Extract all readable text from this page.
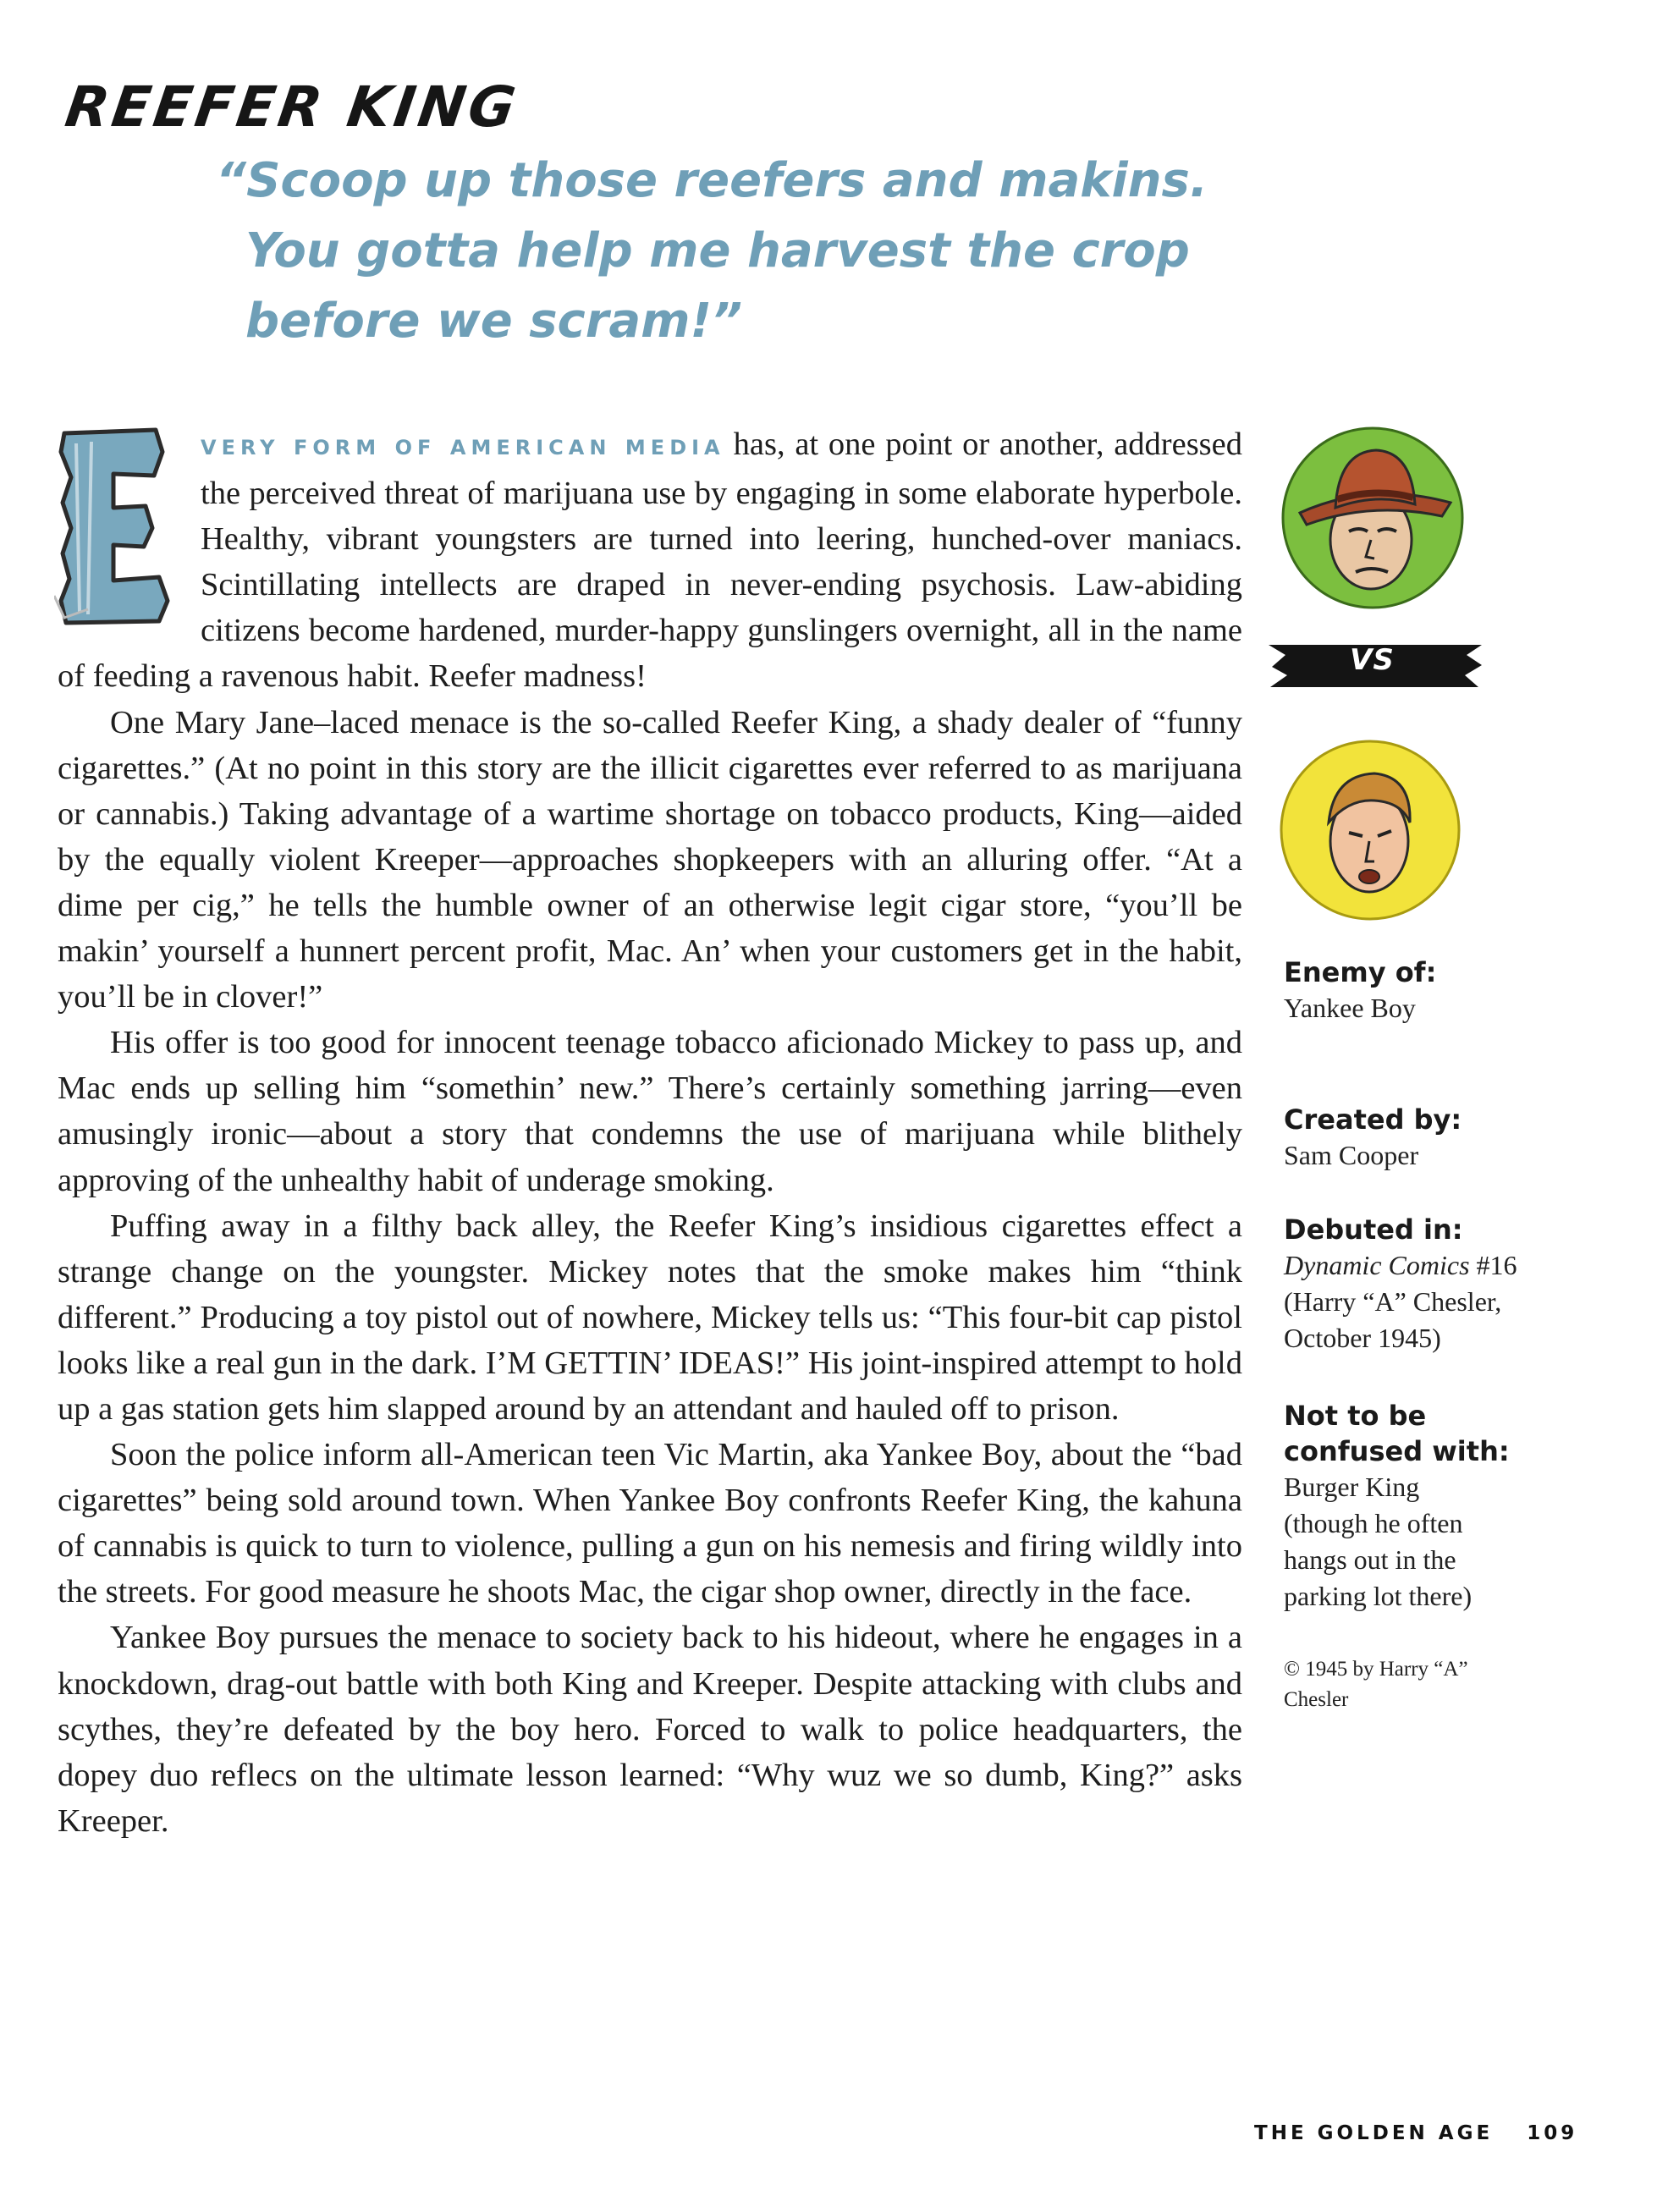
REEFER KING
“Scoop up those reefers and makins.
You gotta help me harvest the crop
before we scram!”

VERY FORM OF AMERICAN MEDIA has, at one point or another, addressed the perceived threat of marijuana use by engaging in some elaborate hyperbole. Healthy, vibrant youngsters are turned into leering, hunched-over maniacs. Scintillating intellects are draped in never-ending psychosis. Law-abiding citizens become hardened, murder-happy gunslingers overnight, all in the name of feeding a ravenous habit. Reefer madness!

One Mary Jane–laced menace is the so-called Reefer King, a shady dealer of “funny cigarettes.” (At no point in this story are the illicit cigarettes ever referred to as marijuana or cannabis.) Taking advantage of a wartime shortage on tobacco products, King—aided by the equally violent Kreeper—approaches shopkeepers with an alluring offer. “At a dime per cig,” he tells the humble owner of an otherwise legit cigar store, “you’ll be makin’ yourself a hunnert percent profit, Mac. An’ when your customers get in the habit, you’ll be in clover!”

His offer is too good for innocent teenage tobacco aficionado Mickey to pass up, and Mac ends up selling him “somethin’ new.” There’s certainly something jarring—even amusingly ironic—about a story that condemns the use of marijuana while blithely approving of the unhealthy habit of underage smoking.

Puffing away in a filthy back alley, the Reefer King’s insidious cigarettes effect a strange change on the youngster. Mickey notes that the smoke makes him “think different.” Producing a toy pistol out of nowhere, Mickey tells us: “This four-bit cap pistol looks like a real gun in the dark. I’M GETTIN’ IDEAS!” His joint-inspired attempt to hold up a gas station gets him slapped around by an attendant and hauled off to prison.

Soon the police inform all-American teen Vic Martin, aka Yankee Boy, about the “bad cigarettes” being sold around town. When Yankee Boy confronts Reefer King, the kahuna of cannabis is quick to turn to violence, pulling a gun on his nemesis and firing wildly into the streets. For good measure he shoots Mac, the cigar shop owner, directly in the face.

Yankee Boy pursues the menace to society back to his hideout, where he engages in a knockdown, drag-out battle with both King and Kreeper. Despite attacking with clubs and scythes, they’re defeated by the boy hero. Forced to walk to police headquarters, the dopey duo reflecs on the ultimate lesson learned: “Why wuz we so dumb, King?” asks Kreeper.

VS
Enemy of:
Yankee Boy
Created by:
Sam Cooper
Debuted in:
Dynamic Comics #16
(Harry “A” Chesler,
October 1945)
Not to be
confused with:
Burger King
(though he often
hangs out in the
parking lot there)
© 1945 by Harry “A”
Chesler
THE GOLDEN AGE 109
